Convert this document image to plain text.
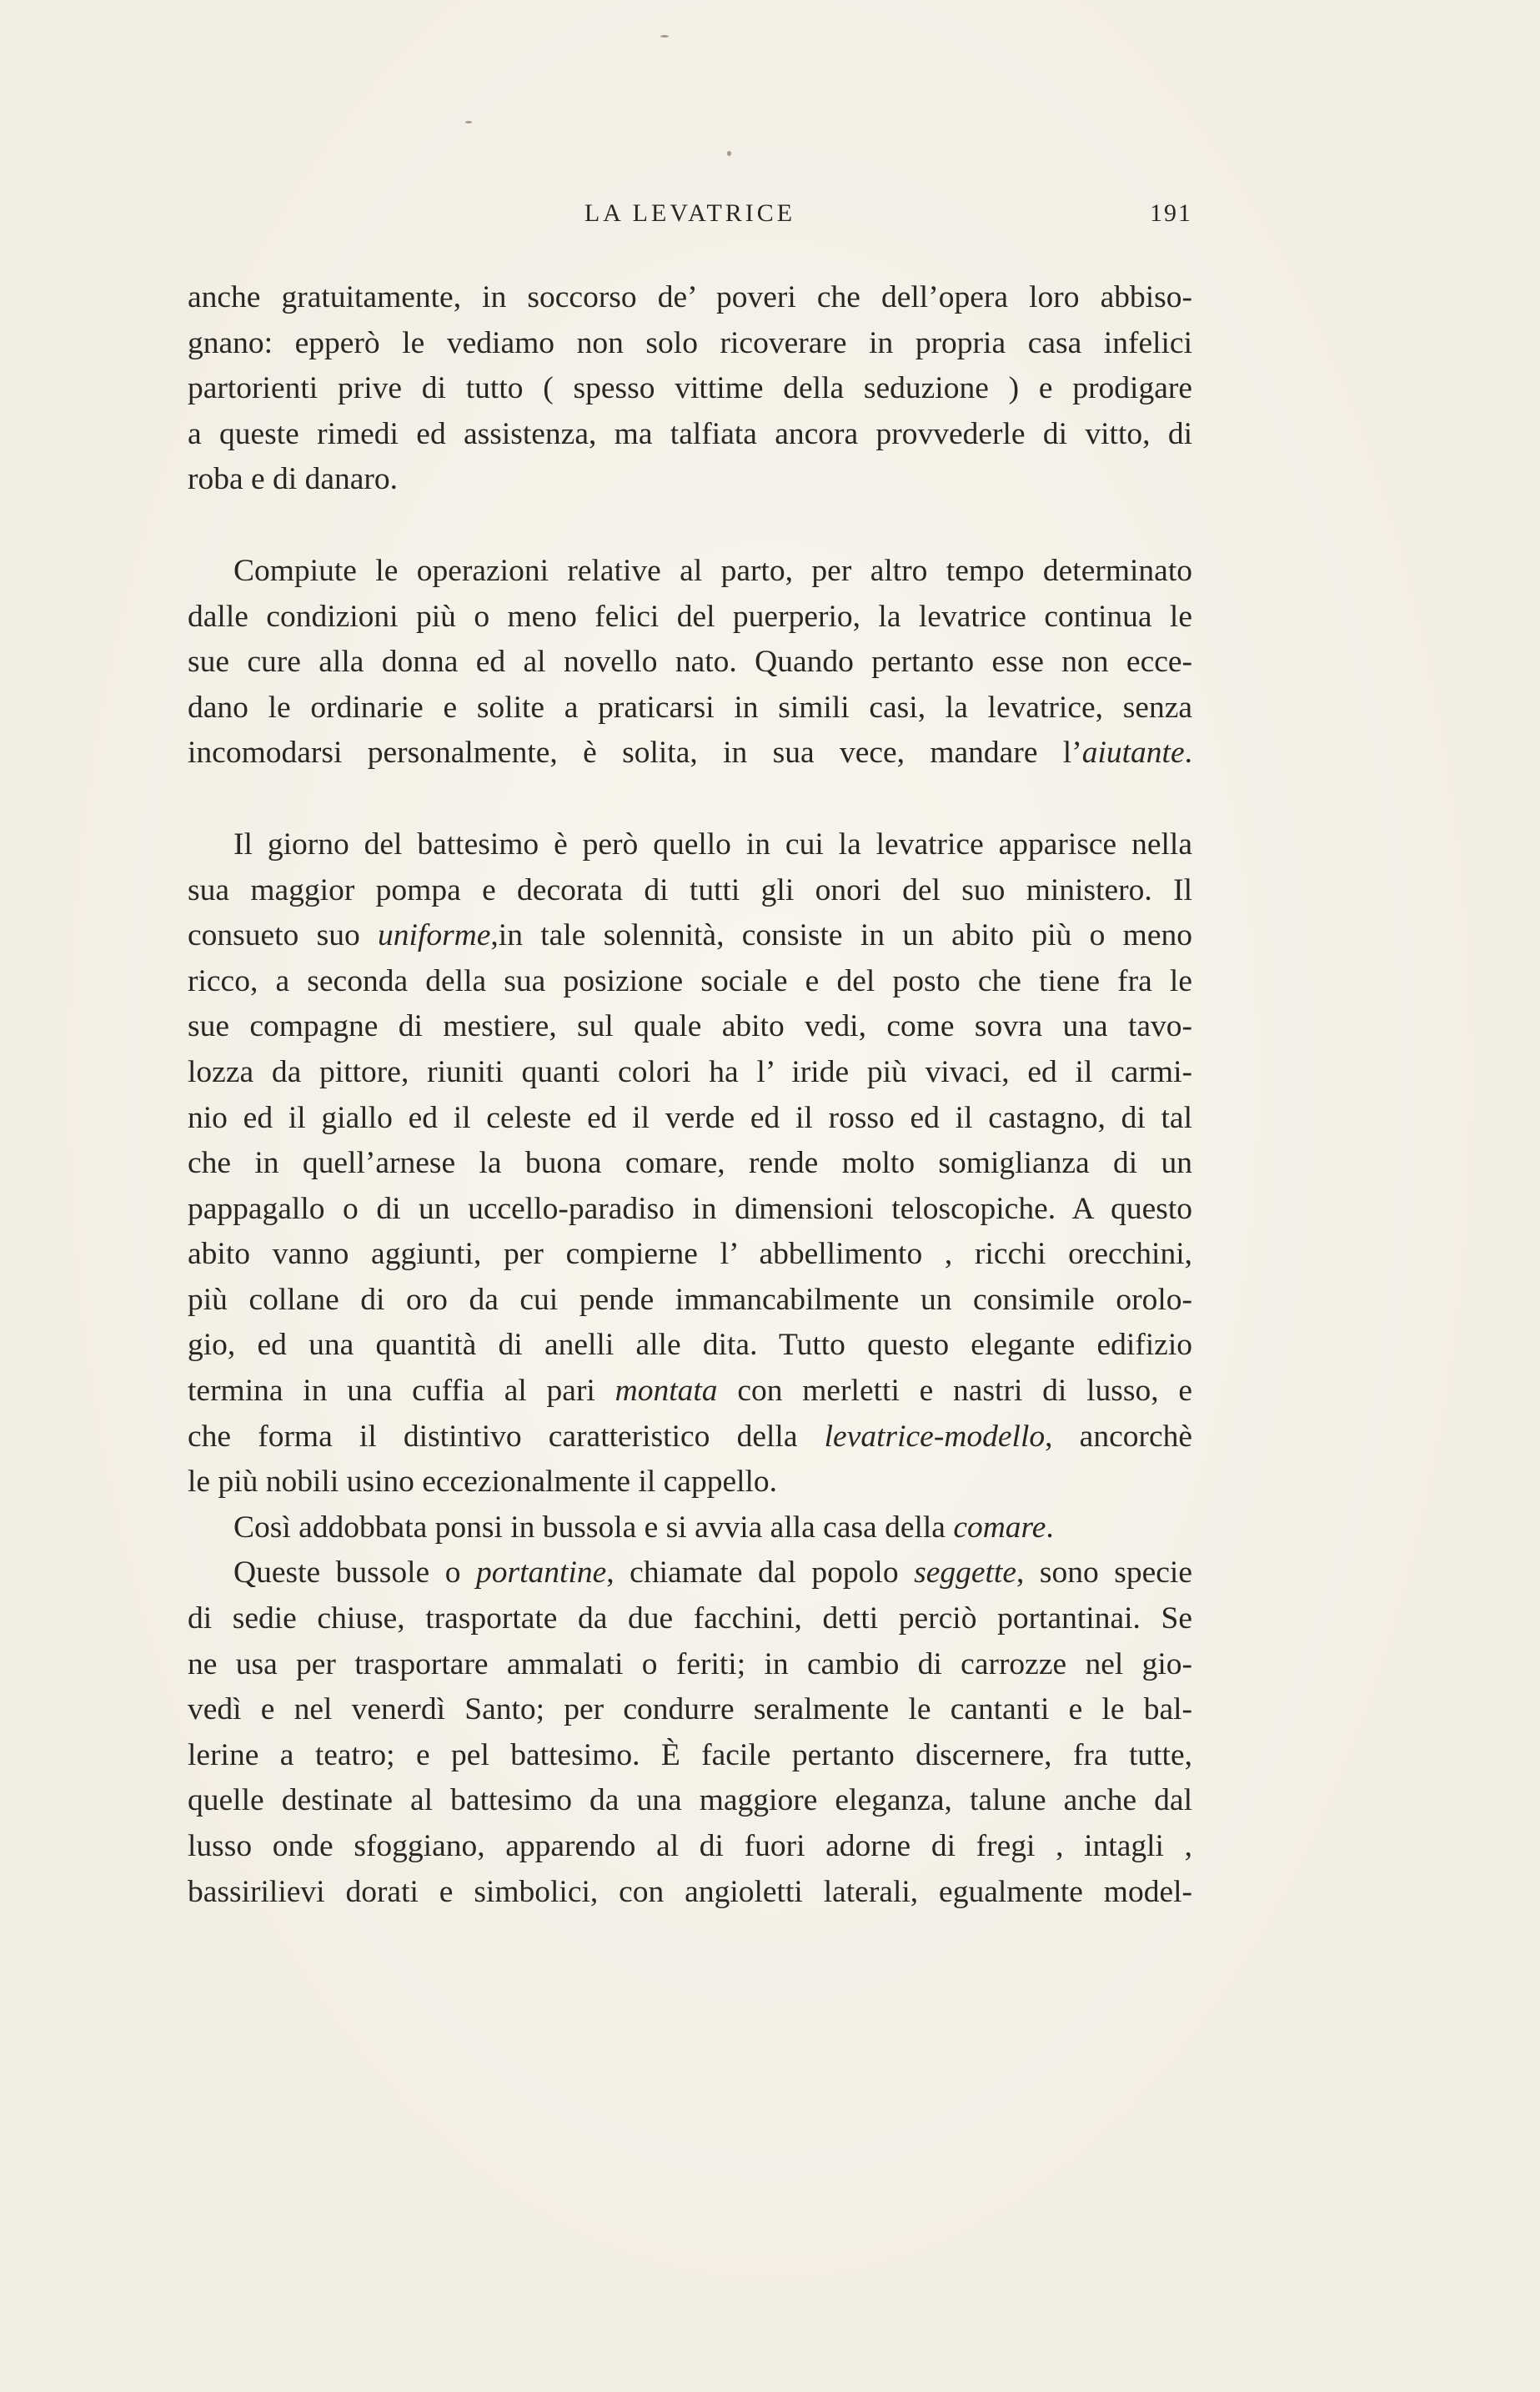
LA LEVATRICE	191
anche gratuitamente, in soccorso de’ poveri che dell’opera loro abbiso-
gnano: epperò le vediamo non solo ricoverare in propria casa infelici
partorienti prive di tutto ( spesso vittime della seduzione ) e prodigare
a queste rimedi ed assistenza, ma talfiata ancora provvederle di vitto, di
roba e di danaro.
Compiute le operazioni relative al parto, per altro tempo determinato
dalle condizioni più o meno felici del puerperio, la levatrice continua le
sue cure alla donna ed al novello nato. Quando pertanto esse non ecce-
dano le ordinarie e solite a praticarsi in simili casi, la levatrice, senza
incomodarsi personalmente, è solita, in sua vece, mandare l’aiutante.
Il giorno del battesimo è però quello in cui la levatrice apparisce nella
sua maggior pompa e decorata di tutti gli onori del suo ministero. Il
consueto suo uniforme,in tale solennità, consiste in un abito più o meno
ricco, a seconda della sua posizione sociale e del posto che tiene fra le
sue compagne di mestiere, sul quale abito vedi, come sovra una tavo-
lozza da pittore, riuniti quanti colori ha l’ iride più vivaci, ed il carmi-
nio ed il giallo ed il celeste ed il verde ed il rosso ed il castagno, di tal
che in quell’arnese la buona comare, rende molto somiglianza di un
pappagallo o di un uccello-paradiso in dimensioni teloscopiche. A questo
abito vanno aggiunti, per compierne l’ abbellimento , ricchi orecchini,
più collane di oro da cui pende immancabilmente un consimile orolo-
gio, ed una quantità di anelli alle dita. Tutto questo elegante edifizio
termina in una cuffia al pari montata con merletti e nastri di lusso, e
che forma il distintivo caratteristico della levatrice-modello, ancorchè
le più nobili usino eccezionalmente il cappello.
Così addobbata ponsi in bussola e si avvia alla casa della comare.
Queste bussole o portantine, chiamate dal popolo seggette, sono specie
di sedie chiuse, trasportate da due facchini, detti perciò portantinai. Se
ne usa per trasportare ammalati o feriti; in cambio di carrozze nel gio-
vedì e nel venerdì Santo; per condurre seralmente le cantanti e le bal-
lerine a teatro; e pel battesimo. È facile pertanto discernere, fra tutte,
quelle destinate al battesimo da una maggiore eleganza, talune anche dal
lusso onde sfoggiano, apparendo al di fuori adorne di fregi , intagli ,
bassirilievi dorati e simbolici, con angioletti laterali, egualmente model-
